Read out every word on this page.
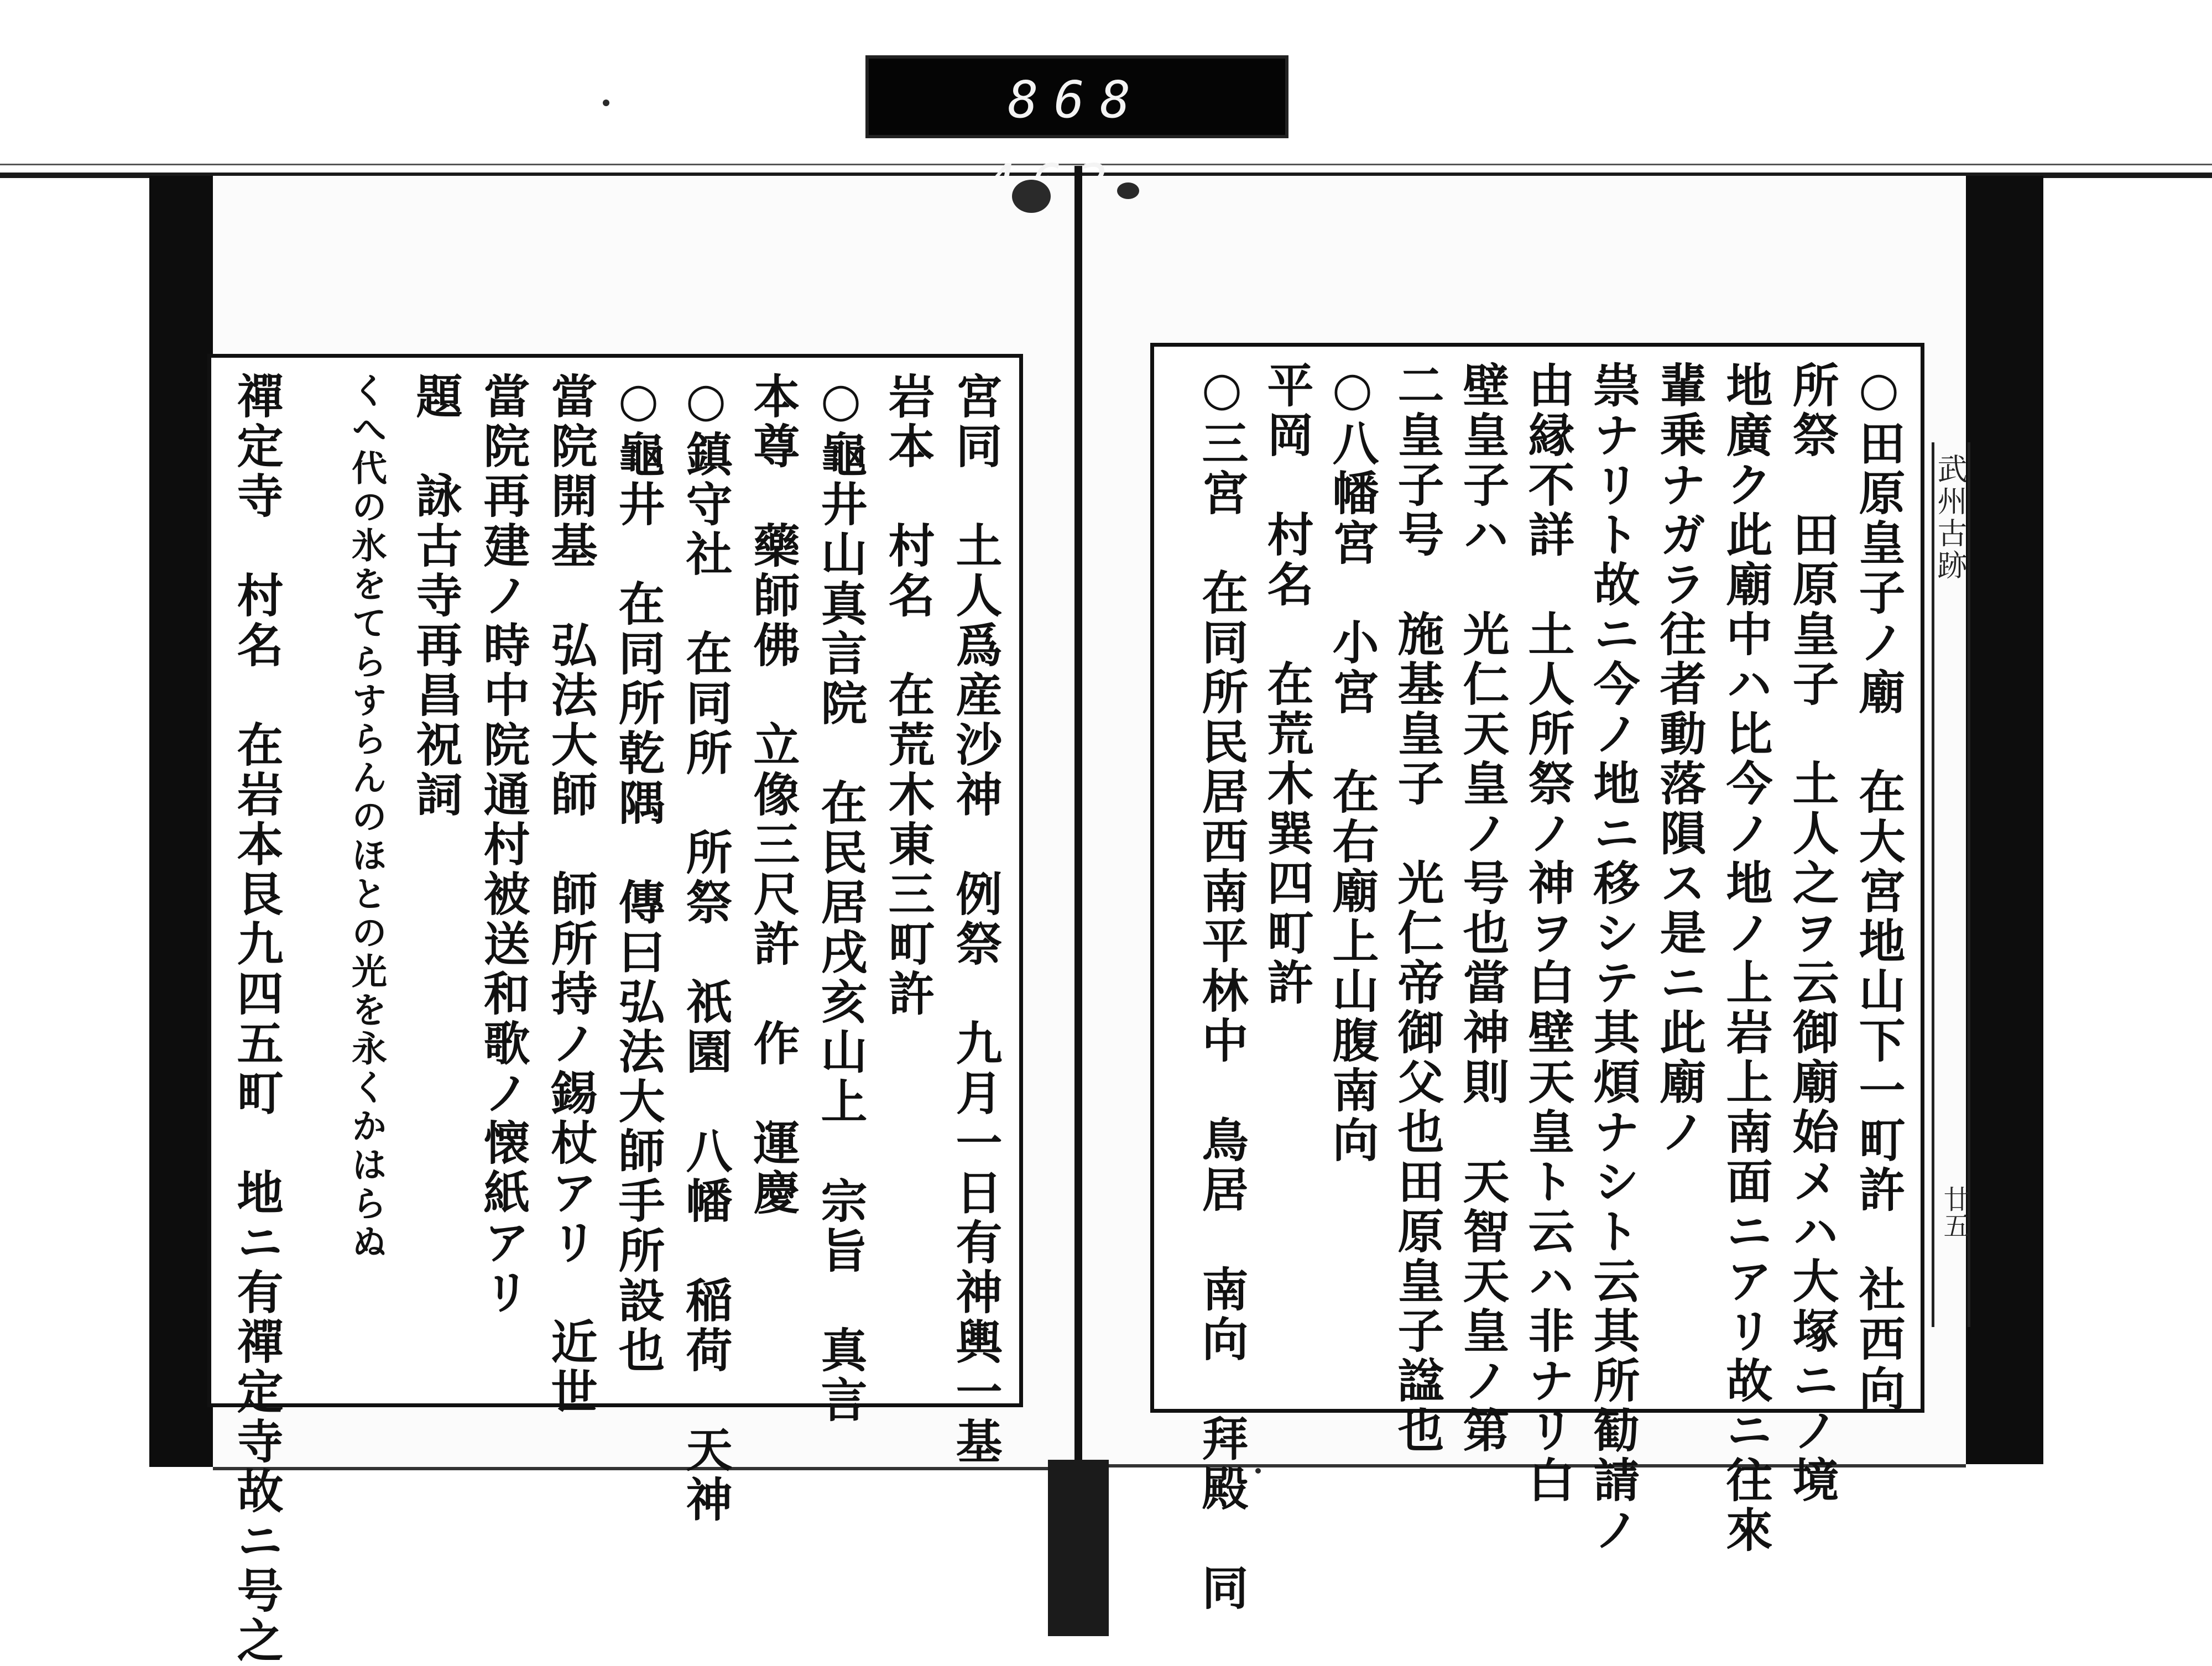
868
武州古跡
廿五
○田原皇子ノ廟　在大宮地山下一町許　社西向
所祭　田原皇子　土人之ヲ云御廟始メハ大塚ニノ境
地廣ク此廟中ハ比今ノ地ノ上岩上南面ニアリ故ニ往來
輩乗ナガラ往者動落隕ス是ニ此廟ノ
祟ナリト故ニ今ノ地ニ移シテ其煩ナシト云其所勧請ノ
由縁不詳　土人所祭ノ神ヲ白壁天皇ト云ハ非ナリ白
壁皇子ハ　光仁天皇ノ号也當神則　天智天皇ノ第
二皇子号　施基皇子　光仁帝御父也田原皇子諡也
○八幡宮　小宮　在右廟上山腹南向
平岡　村名　在荒木巽四町許
○三宮　在同所民居西南平林中　鳥居　南向　拜殿　同
宮同　土人爲産沙神　例祭　九月一日有神輿一基
岩本　村名　在荒木東三町許
○龜井山真言院　在民居戌亥山上　宗旨　真言
本尊　藥師佛　立像三尺許　作　運慶
○鎮守社　在同所　所祭　祇園　八幡　稲荷　天神
○龜井　在同所乾隅　傳曰弘法大師手所設也
當院開基　弘法大師　師所持ノ錫杖アリ　近世
當院再建ノ時中院通村被送和歌ノ懐紙アリ
題　詠古寺再昌祝詞
くへ代の氷をてらすらんのほとの光を永くかはらぬ
禪定寺　村名　在岩本艮九四五町　地ニ有禪定寺故ニ号之
